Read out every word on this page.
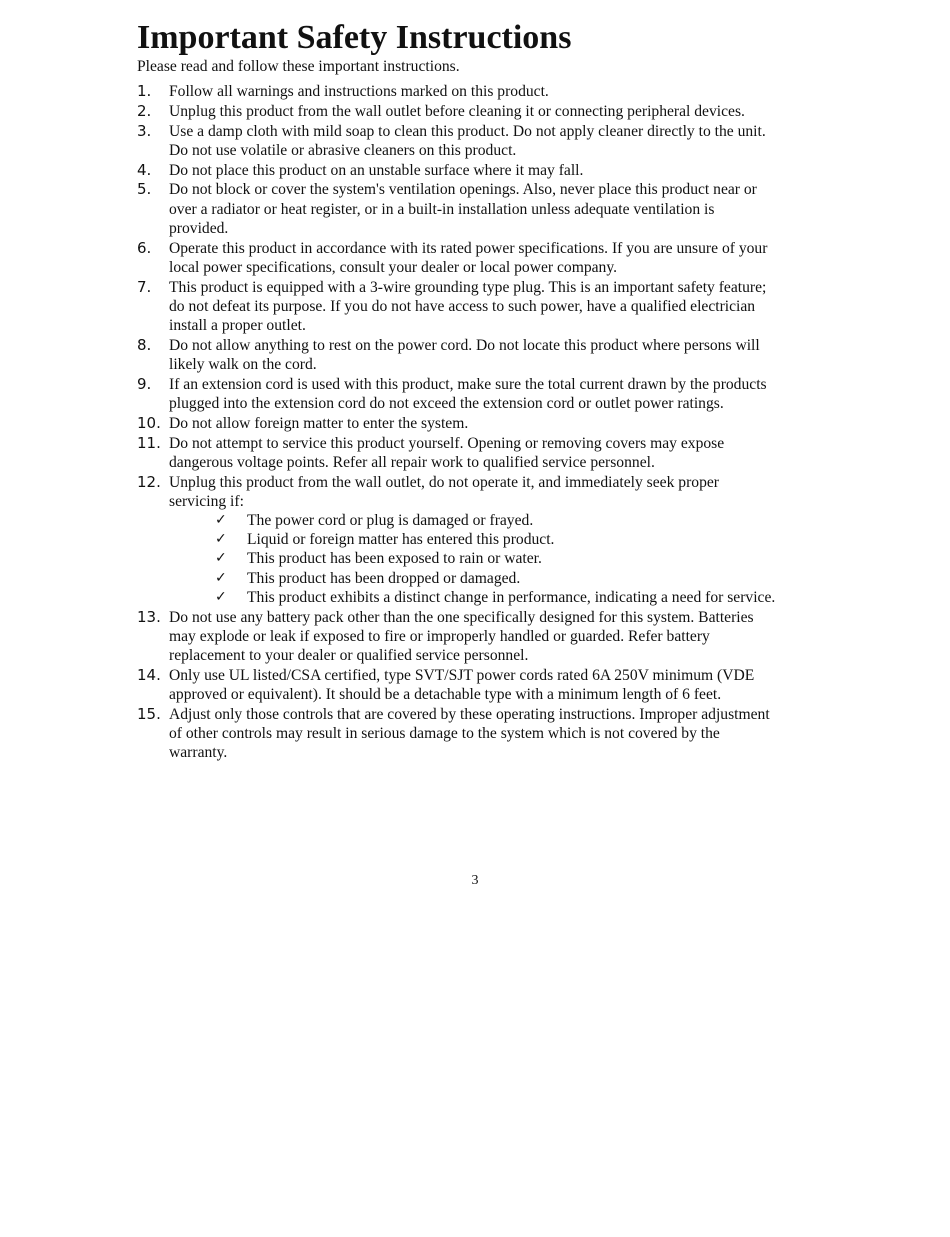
Important Safety Instructions

Please read and follow these important instructions.

1. Follow all warnings and instructions marked on this product.
2. Unplug this product from the wall outlet before cleaning it or connecting peripheral devices.
3. Use a damp cloth with mild soap to clean this product. Do not apply cleaner directly to the unit. Do not use volatile or abrasive cleaners on this product.
4. Do not place this product on an unstable surface where it may fall.
5. Do not block or cover the system's ventilation openings. Also, never place this product near or over a radiator or heat register, or in a built-in installation unless adequate ventilation is provided.
6. Operate this product in accordance with its rated power specifications. If you are unsure of your local power specifications, consult your dealer or local power company.
7. This product is equipped with a 3-wire grounding type plug. This is an important safety feature; do not defeat its purpose. If you do not have access to such power, have a qualified electrician install a proper outlet.
8. Do not allow anything to rest on the power cord. Do not locate this product where persons will likely walk on the cord.
9. If an extension cord is used with this product, make sure the total current drawn by the products plugged into the extension cord do not exceed the extension cord or outlet power ratings.
10. Do not allow foreign matter to enter the system.
11. Do not attempt to service this product yourself. Opening or removing covers may expose dangerous voltage points. Refer all repair work to qualified service personnel.
12. Unplug this product from the wall outlet, do not operate it, and immediately seek proper servicing if:
✓ The power cord or plug is damaged or frayed.
✓ Liquid or foreign matter has entered this product.
✓ This product has been exposed to rain or water.
✓ This product has been dropped or damaged.
✓ This product exhibits a distinct change in performance, indicating a need for service.
13. Do not use any battery pack other than the one specifically designed for this system. Batteries may explode or leak if exposed to fire or improperly handled or guarded. Refer battery replacement to your dealer or qualified service personnel.
14. Only use UL listed/CSA certified, type SVT/SJT power cords rated 6A 250V minimum (VDE approved or equivalent). It should be a detachable type with a minimum length of 6 feet.
15. Adjust only those controls that are covered by these operating instructions. Improper adjustment of other controls may result in serious damage to the system which is not covered by the warranty.
3
